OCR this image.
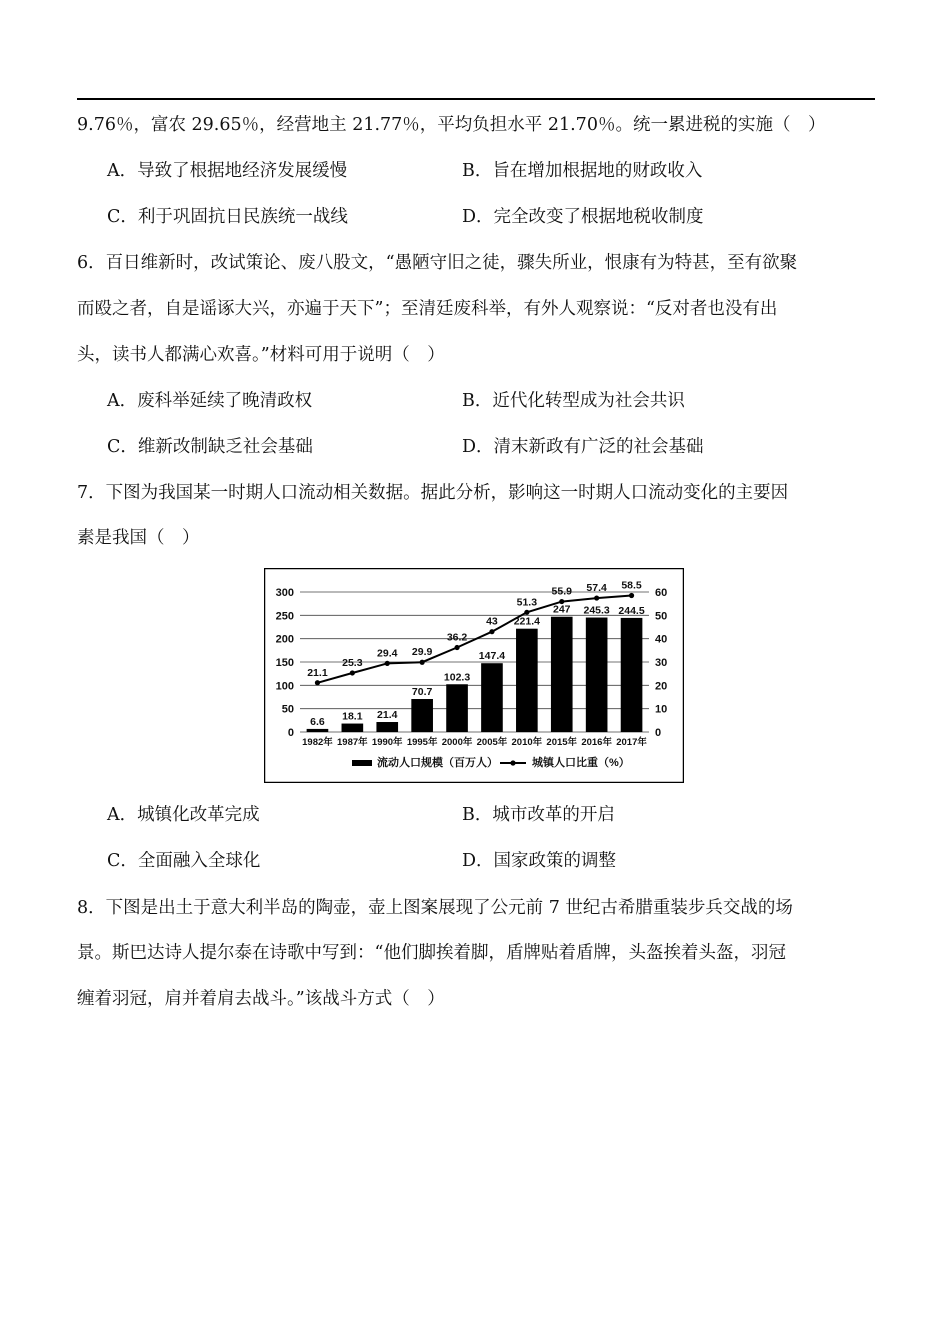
9.76％，富农 29.65％，经营地主 21.77％，平均负担水平 21.70％。统一累进税的实施（　）
A．导致了根据地经济发展缓慢	B．旨在增加根据地的财政收入
C．利于巩固抗日民族统一战线	D．完全改变了根据地税收制度
6．百日维新时，改试策论、废八股文，“愚陋守旧之徒，骤失所业，恨康有为特甚，至有欲聚
而殴之者，自是谣诼大兴，亦遍于天下”；至清廷废科举，有外人观察说：“反对者也没有出
头，读书人都满心欢喜。”材料可用于说明（　）
A．废科举延续了晚清政权	B．近代化转型成为社会共识
C．维新改制缺乏社会基础	D．清末新政有广泛的社会基础
7．下图为我国某一时期人口流动相关数据。据此分析，影响这一时期人口流动变化的主要因
素是我国（　）
0
50
100
150
200
250
300
0
10
20
30
40
50
60
6.6
1982年
18.1
1987年
21.4
1990年
70.7
1995年
102.3
2000年
147.4
2005年
221.4
2010年
247
2015年
245.3
2016年
244.5
2017年
21.1
25.3
29.4 29.9
36.2
43
51.3
55.9 57.4 58.5
流动人口规模（百万人）	城镇人口比重（%）
A．城镇化改革完成	B．城市改革的开启
C．全面融入全球化	D．国家政策的调整
8．下图是出土于意大利半岛的陶壶，壶上图案展现了公元前 7 世纪古希腊重装步兵交战的场
景。斯巴达诗人提尔泰在诗歌中写到：“他们脚挨着脚，盾牌贴着盾牌，头盔挨着头盔，羽冠
缠着羽冠，肩并着肩去战斗。”该战斗方式（　）
